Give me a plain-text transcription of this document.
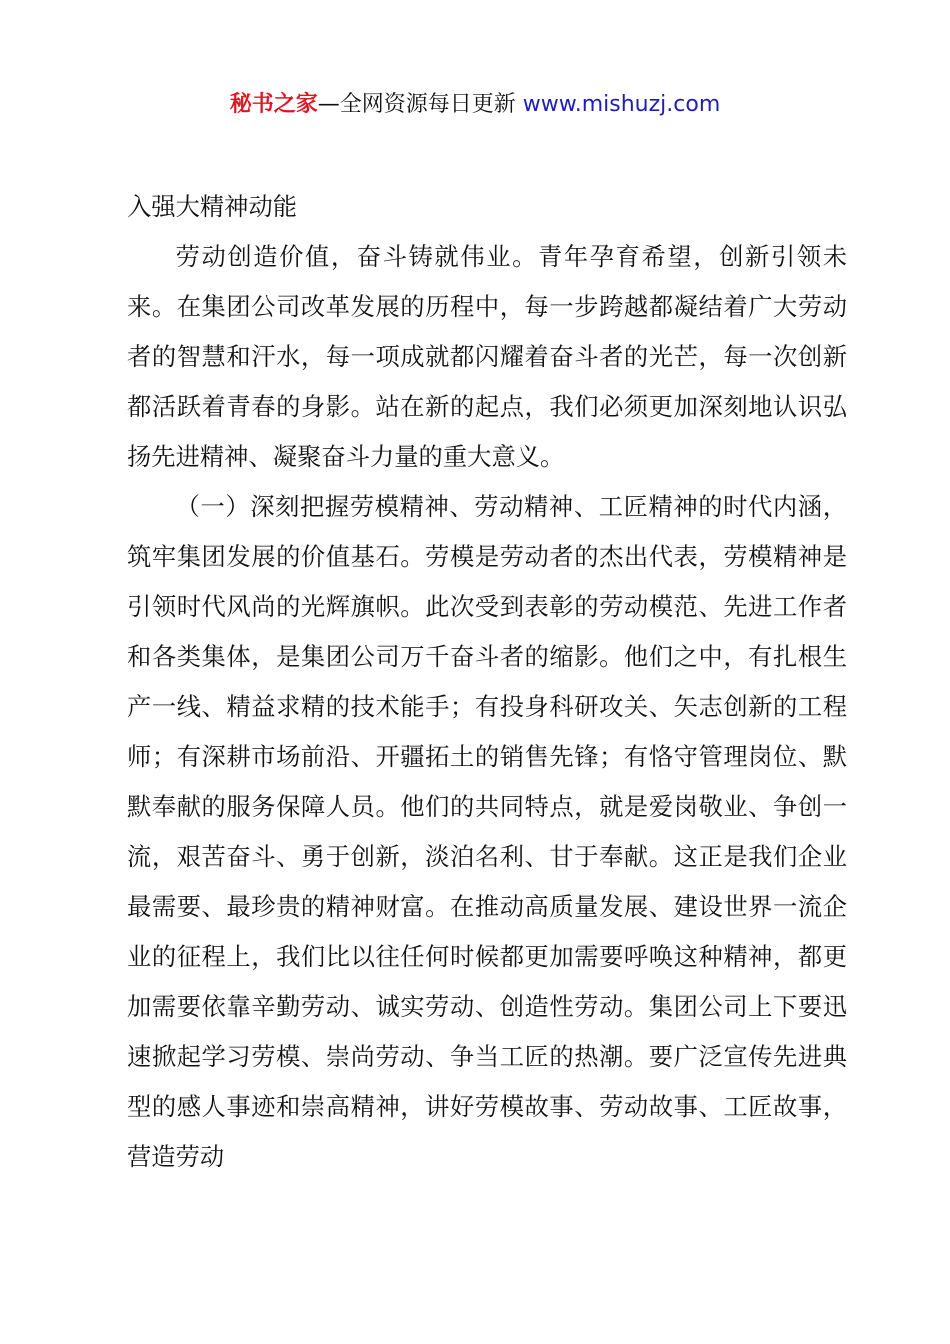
秘书之家—全网资源每日更新 www.mishuzj.com

入强大精神动能

劳动创造价值，奋斗铸就伟业。青年孕育希望，创新引领未来。在集团公司改革发展的历程中，每一步跨越都凝结着广大劳动者的智慧和汗水，每一项成就都闪耀着奋斗者的光芒，每一次创新都活跃着青春的身影。站在新的起点，我们必须更加深刻地认识弘扬先进精神、凝聚奋斗力量的重大意义。

（一）深刻把握劳模精神、劳动精神、工匠精神的时代内涵，筑牢集团发展的价值基石。劳模是劳动者的杰出代表，劳模精神是引领时代风尚的光辉旗帜。此次受到表彰的劳动模范、先进工作者和各类集体，是集团公司万千奋斗者的缩影。他们之中，有扎根生产一线、精益求精的技术能手；有投身科研攻关、矢志创新的工程师；有深耕市场前沿、开疆拓土的销售先锋；有恪守管理岗位、默默奉献的服务保障人员。他们的共同特点，就是爱岗敬业、争创一流，艰苦奋斗、勇于创新，淡泊名利、甘于奉献。这正是我们企业最需要、最珍贵的精神财富。在推动高质量发展、建设世界一流企业的征程上，我们比以往任何时候都更加需要呼唤这种精神，都更加需要依靠辛勤劳动、诚实劳动、创造性劳动。集团公司上下要迅速掀起学习劳模、崇尚劳动、争当工匠的热潮。要广泛宣传先进典型的感人事迹和崇高精神，讲好劳模故事、劳动故事、工匠故事，营造劳动
